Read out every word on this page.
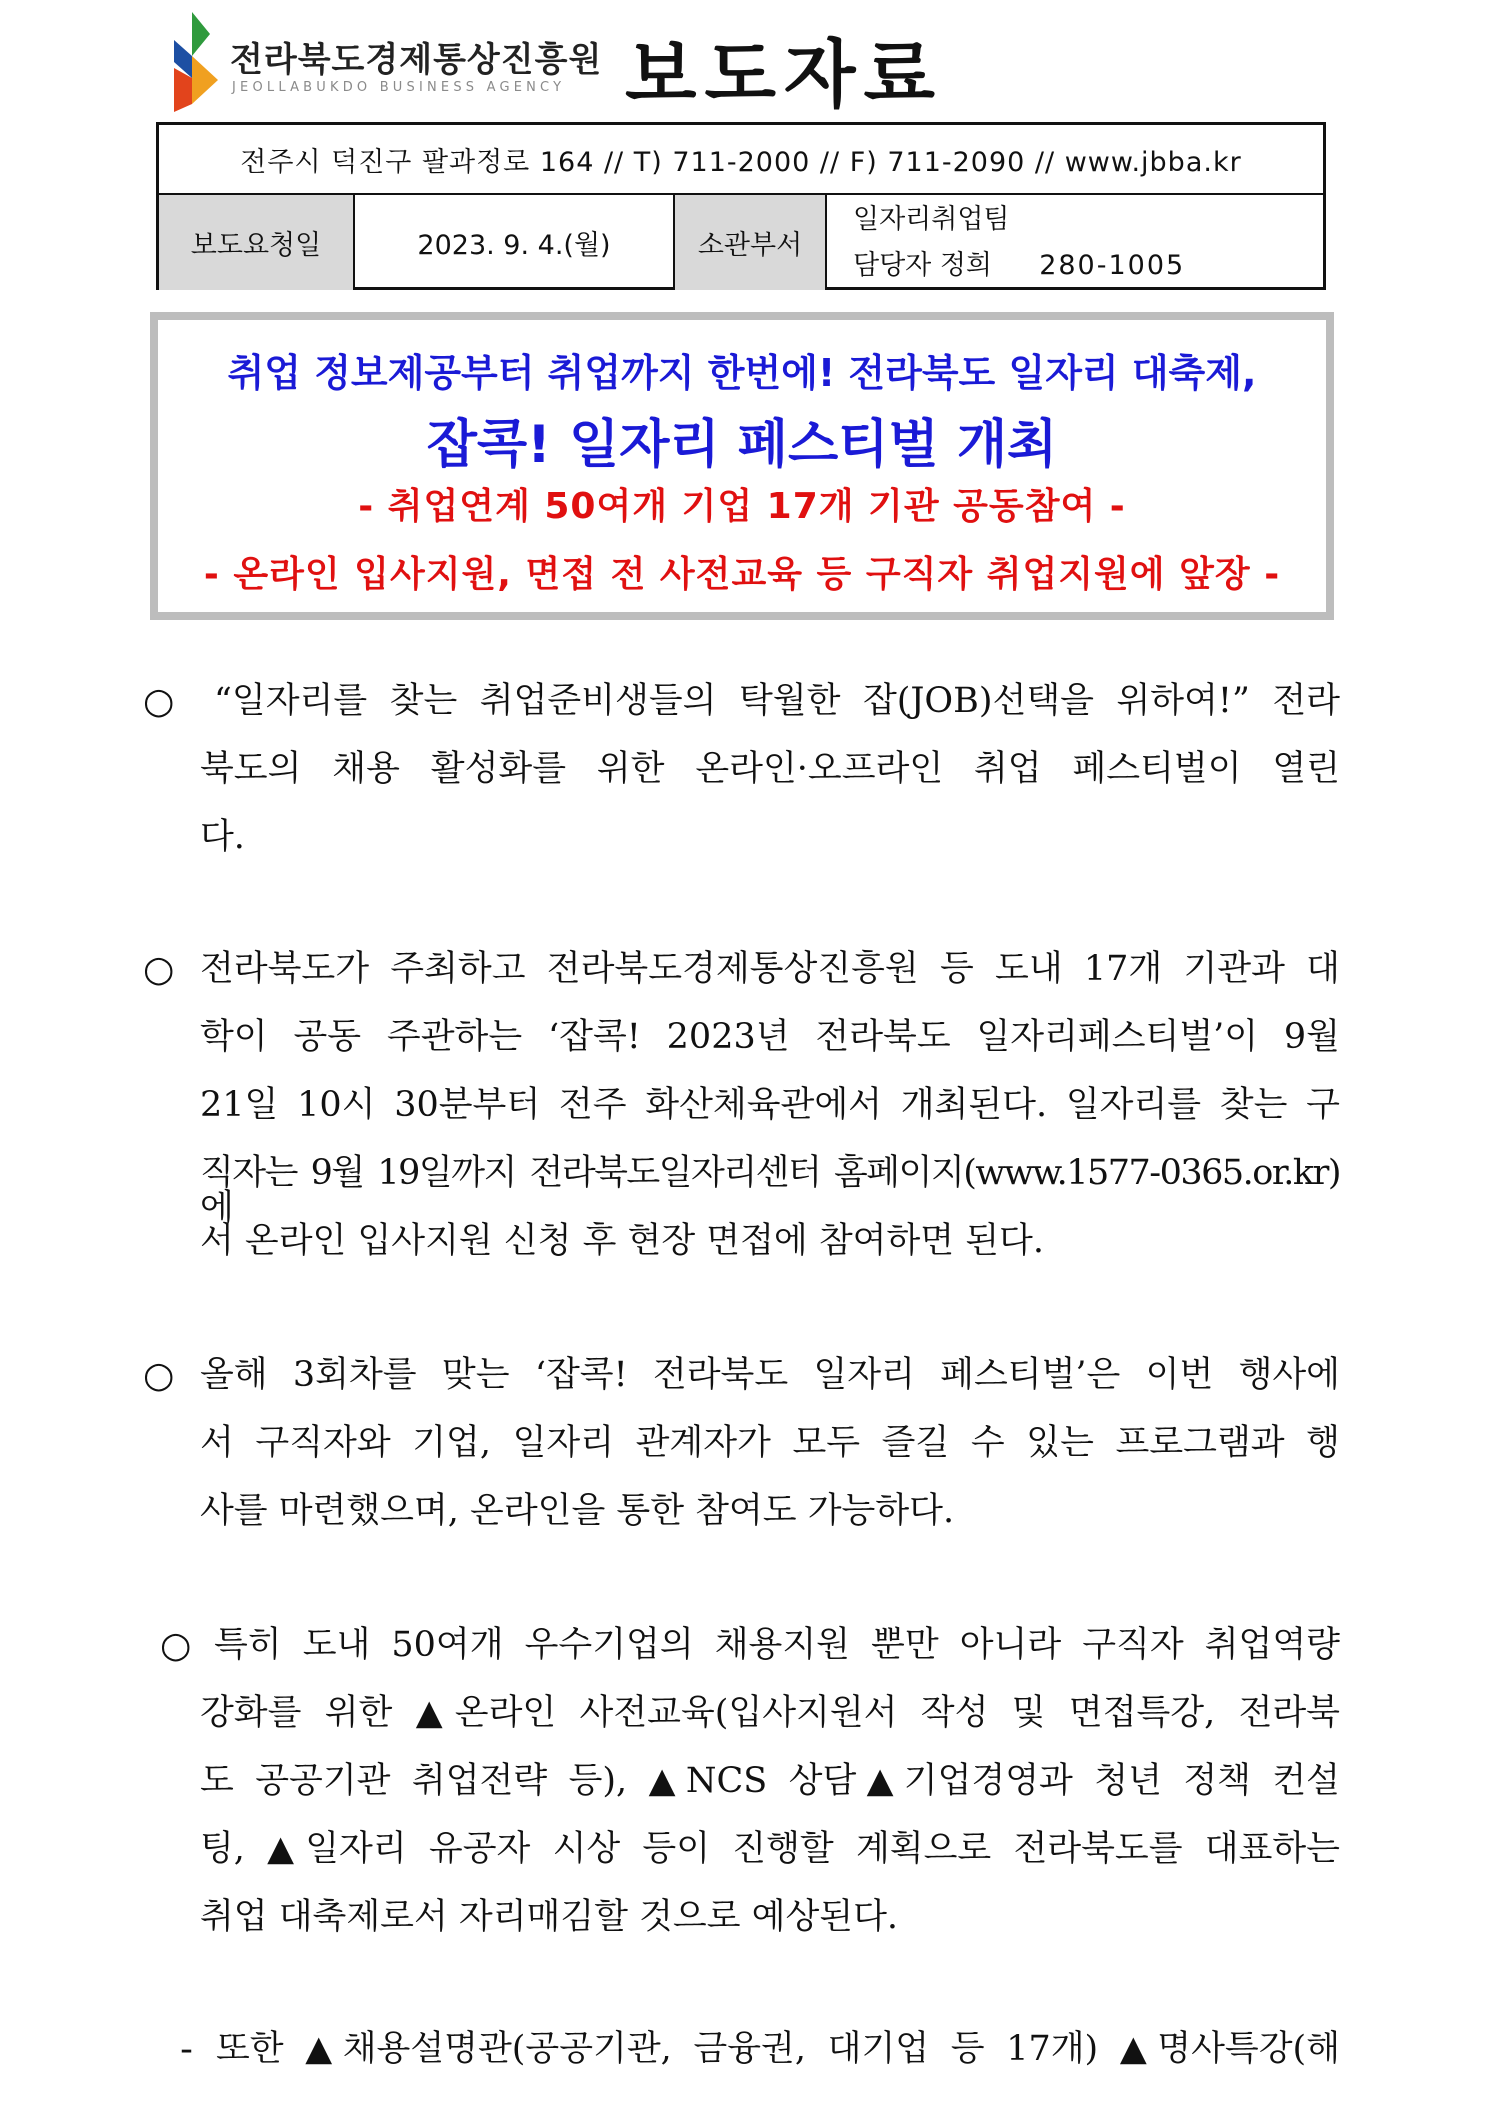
전라북도경제통상진흥원
JEOLLABUKDO BUSINESS AGENCY 보도자료
전주시 덕진구 팔과정로 164 // T) 711-2000 // F) 711-2090 // www.jbba.kr
보도요청일	2023. 9. 4.(월)	소관부서
일자리취업팀
담당자 정희 280-1005
취업 정보제공부터 취업까지 한번에! 전라북도 일자리 대축제,
잡콕! 일자리 페스티벌 개최
- 취업연계 50여개 기업 17개 기관 공동참여 -
- 온라인 입사지원, 면접 전 사전교육 등 구직자 취업지원에 앞장 -
○ “일자리를 찾는 취업준비생들의 탁월한 잡(JOB)선택을 위하여!” 전라
북도의 채용 활성화를 위한 온라인·오프라인 취업 페스티벌이 열린
다.
○ 전라북도가 주최하고 전라북도경제통상진흥원 등 도내 17개 기관과 대
학이 공동 주관하는 ‘잡콕! 2023년 전라북도 일자리페스티벌’이 9월
21일 10시 30분부터 전주 화산체육관에서 개최된다. 일자리를 찾는 구
직자는 9월 19일까지 전라북도일자리센터 홈페이지(www.1577-0365.or.kr)에
서 온라인 입사지원 신청 후 현장 면접에 참여하면 된다.
○ 올해 3회차를 맞는 ‘잡콕! 전라북도 일자리 페스티벌’은 이번 행사에
서 구직자와 기업, 일자리 관계자가 모두 즐길 수 있는 프로그램과 행
사를 마련했으며, 온라인을 통한 참여도 가능하다.
○ 특히 도내 50여개 우수기업의 채용지원 뿐만 아니라 구직자 취업역량
강화를 위한 ▲온라인 사전교육(입사지원서 작성 및 면접특강, 전라북
도 공공기관 취업전략 등), ▲NCS 상담▲기업경영과 청년 정책 컨설
팅, ▲일자리 유공자 시상 등이 진행할 계획으로 전라북도를 대표하는
취업 대축제로서 자리매김할 것으로 예상된다.
- 또한 ▲채용설명관(공공기관, 금융권, 대기업 등 17개) ▲명사특강(해
